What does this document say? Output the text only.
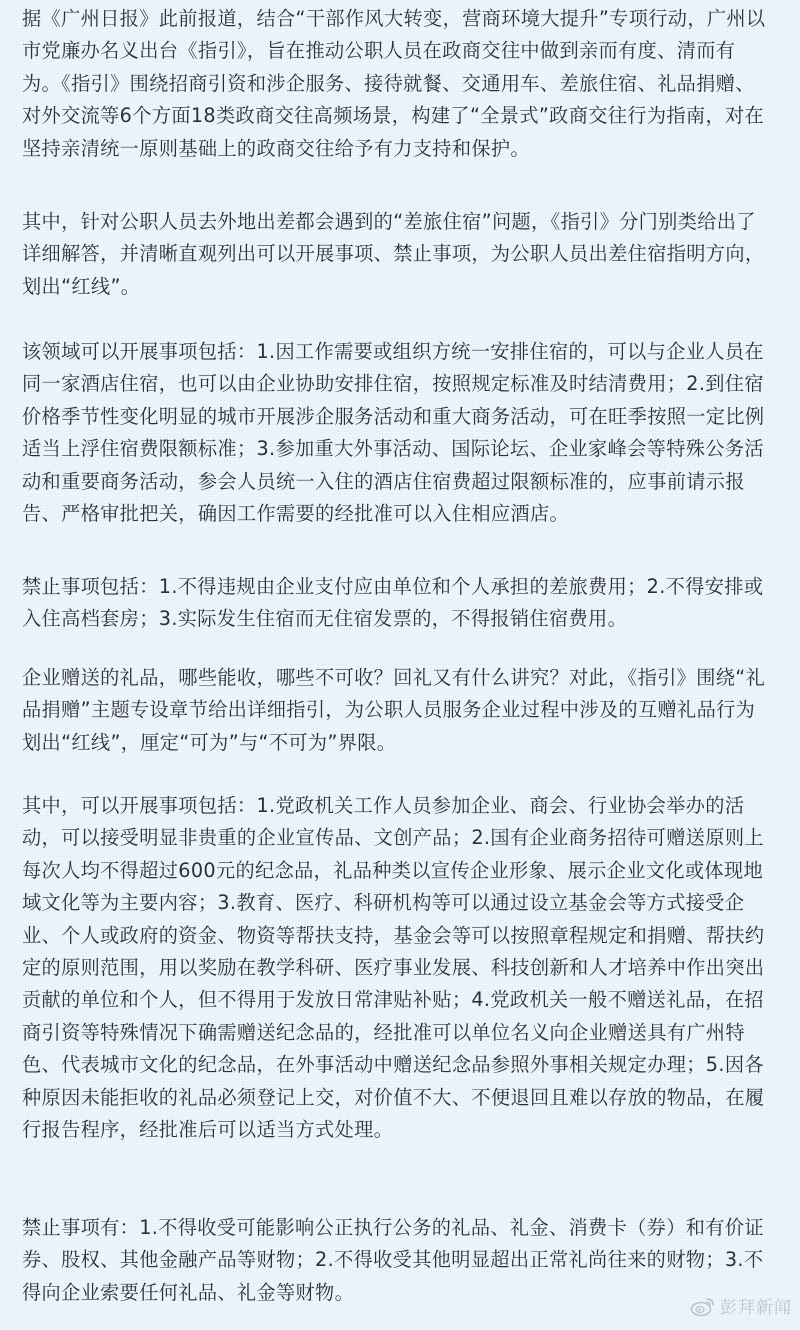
据《广州日报》此前报道，结合“干部作风大转变，营商环境大提升”专项行动，广州以市党廉办名义出台《指引》，旨在推动公职人员在政商交往中做到亲而有度、清而有为。《指引》围绕招商引资和涉企服务、接待就餐、交通用车、差旅住宿、礼品捐赠、对外交流等6个方面18类政商交往高频场景，构建了“全景式”政商交往行为指南，对在坚持亲清统一原则基础上的政商交往给予有力支持和保护。

其中，针对公职人员去外地出差都会遇到的“差旅住宿”问题，《指引》分门别类给出了详细解答，并清晰直观列出可以开展事项、禁止事项，为公职人员出差住宿指明方向，划出“红线”。

该领域可以开展事项包括：1.因工作需要或组织方统一安排住宿的，可以与企业人员在同一家酒店住宿，也可以由企业协助安排住宿，按照规定标准及时结清费用；2.到住宿价格季节性变化明显的城市开展涉企服务活动和重大商务活动，可在旺季按照一定比例适当上浮住宿费限额标准；3.参加重大外事活动、国际论坛、企业家峰会等特殊公务活动和重要商务活动，参会人员统一入住的酒店住宿费超过限额标准的，应事前请示报告、严格审批把关，确因工作需要的经批准可以入住相应酒店。

禁止事项包括：1.不得违规由企业支付应由单位和个人承担的差旅费用；2.不得安排或入住高档套房；3.实际发生住宿而无住宿发票的，不得报销住宿费用。

企业赠送的礼品，哪些能收，哪些不可收？回礼又有什么讲究？对此，《指引》围绕“礼品捐赠”主题专设章节给出详细指引，为公职人员服务企业过程中涉及的互赠礼品行为划出“红线”，厘定“可为”与“不可为”界限。

其中，可以开展事项包括：1.党政机关工作人员参加企业、商会、行业协会举办的活动，可以接受明显非贵重的企业宣传品、文创产品；2.国有企业商务招待可赠送原则上每次人均不得超过600元的纪念品，礼品种类以宣传企业形象、展示企业文化或体现地域文化等为主要内容；3.教育、医疗、科研机构等可以通过设立基金会等方式接受企业、个人或政府的资金、物资等帮扶支持，基金会等可以按照章程规定和捐赠、帮扶约定的原则范围，用以奖励在教学科研、医疗事业发展、科技创新和人才培养中作出突出贡献的单位和个人，但不得用于发放日常津贴补贴；4.党政机关一般不赠送礼品，在招商引资等特殊情况下确需赠送纪念品的，经批准可以单位名义向企业赠送具有广州特色、代表城市文化的纪念品，在外事活动中赠送纪念品参照外事相关规定办理；5.因各种原因未能拒收的礼品必须登记上交，对价值不大、不便退回且难以存放的物品，在履行报告程序，经批准后可以适当方式处理。

禁止事项有：1.不得收受可能影响公正执行公务的礼品、礼金、消费卡（券）和有价证券、股权、其他金融产品等财物；2.不得收受其他明显超出正常礼尚往来的财物；3.不得向企业索要任何礼品、礼金等财物。

彭拜新闻
